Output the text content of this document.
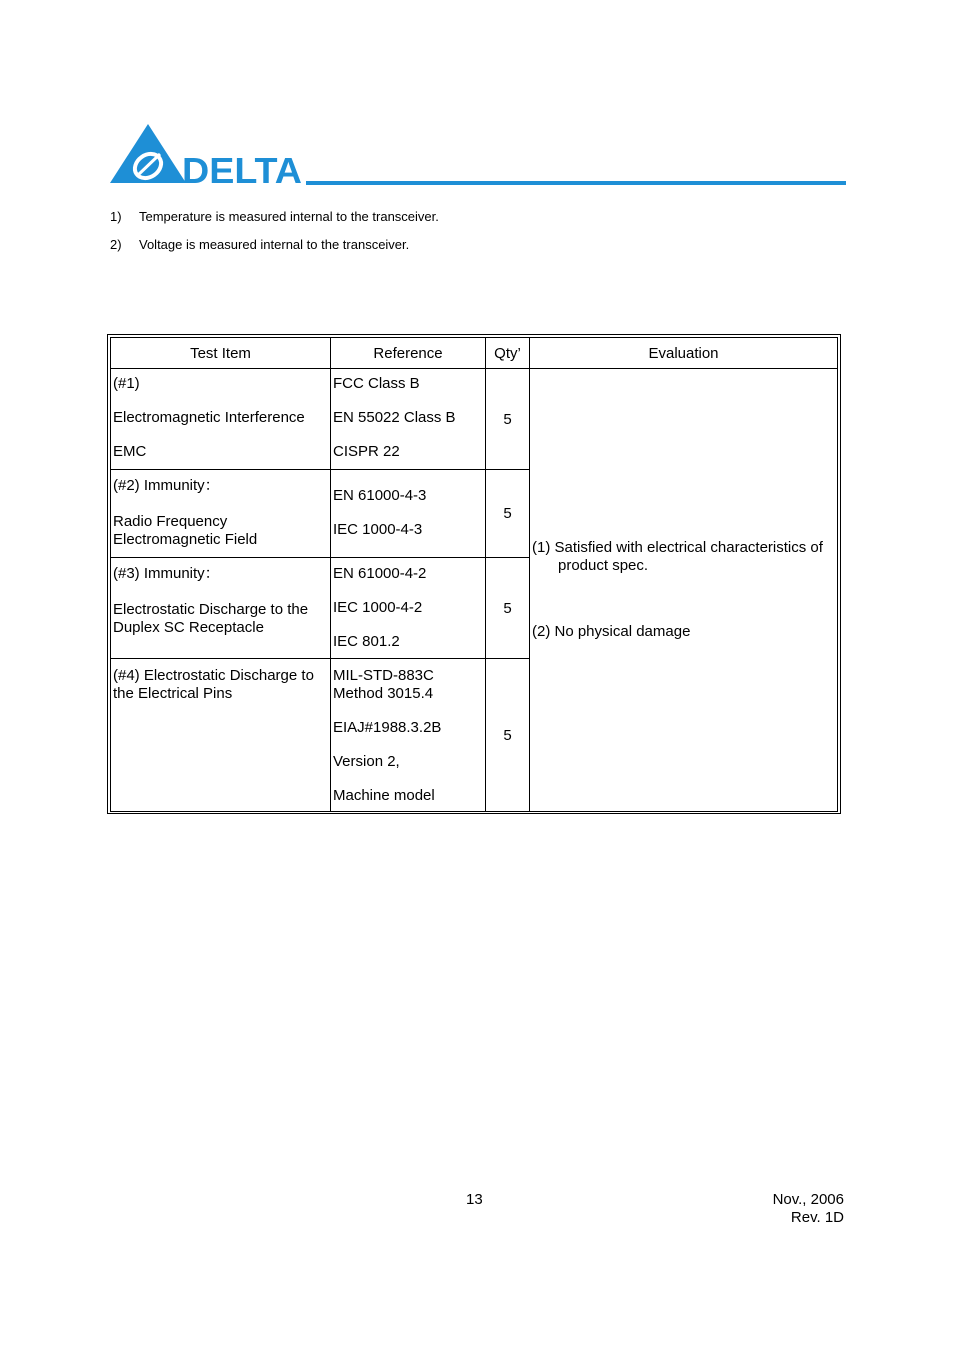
DELTA
1) Temperature is measured internal to the transceiver.
2) Voltage is measured internal to the transceiver.
Test Item	Reference	Qty’	Evaluation

(#1)
Electromagnetic Interference
EMC	FCC Class B
EN 55022 Class B
CISPR 22	5	(1) Satisfied with electrical characteristics of
product spec.
(2) No physical damage

(#2) Immunity：
Radio Frequency
Electromagnetic Field	EN 61000-4-3
IEC 1000-4-3	5	

(#3) Immunity：
Electrostatic Discharge to the
Duplex SC Receptacle	EN 61000-4-2
IEC 1000-4-2
IEC 801.2	5	

(#4) Electrostatic Discharge to
the Electrical Pins	MIL-STD-883C
Method 3015.4
EIAJ#1988.3.2B
Version 2,
Machine model	5	
13	Nov., 2006
Rev. 1D
